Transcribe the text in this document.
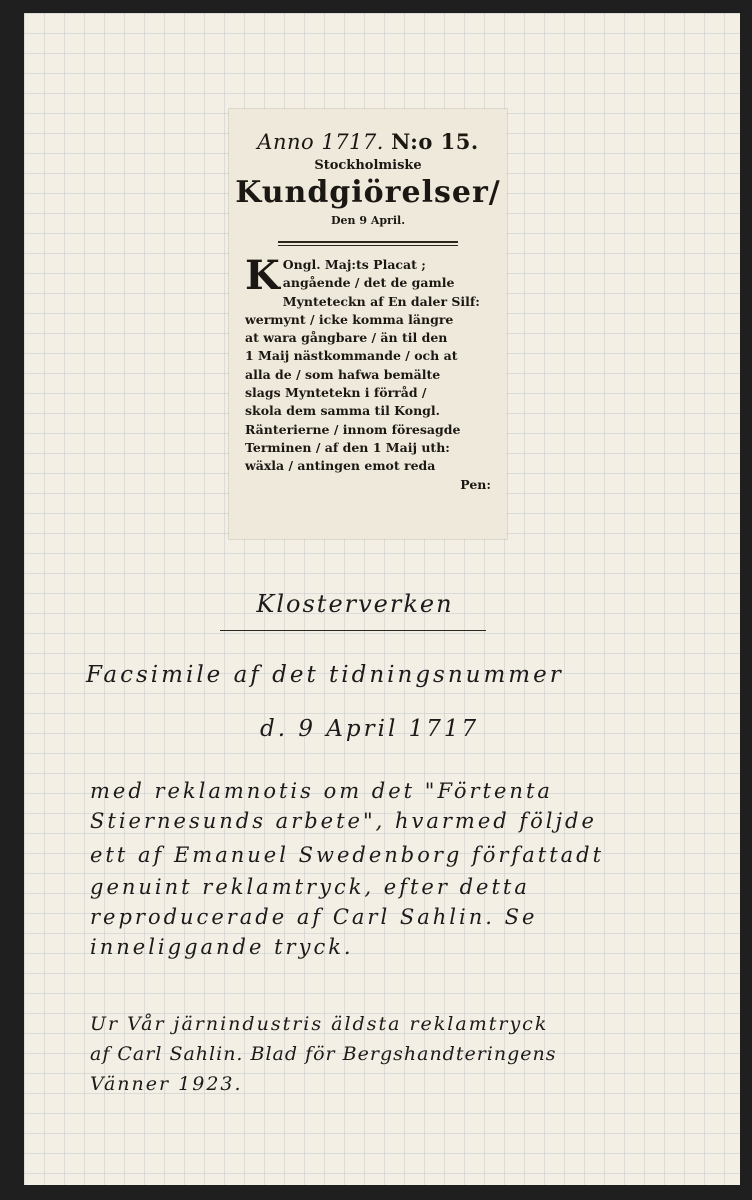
Anno 1717. N:o 15.
Stockholmiske
Kundgiörelser/
Den 9 April.
K Ongl. Maj:ts Placat ;
angående / det de gamle
Mynteteckn af En daler Silf:
wermynt / icke komma längre
at wara gångbare / än til den
1 Maij nästkommande / och at
alla de / som hafwa bemälte
slags Myntetekn i förråd /
skola dem samma til Kongl.
Ränterierne / innom föresagde
Terminen / af den 1 Maij uth:
wäxla / antingen emot reda
Pen:
Klosterverken
Facsimile af det tidningsnummer
d. 9 April 1717
med reklamnotis om det "Förtenta
Stiernesunds arbete", hvarmed följde
ett af Emanuel Swedenborg författadt
genuint reklamtryck, efter detta
reproducerade af Carl Sahlin. Se
inneliggande tryck.
Ur Vår järnindustris äldsta reklamtryck
af Carl Sahlin. Blad för Bergshandteringens
Vänner 1923.
